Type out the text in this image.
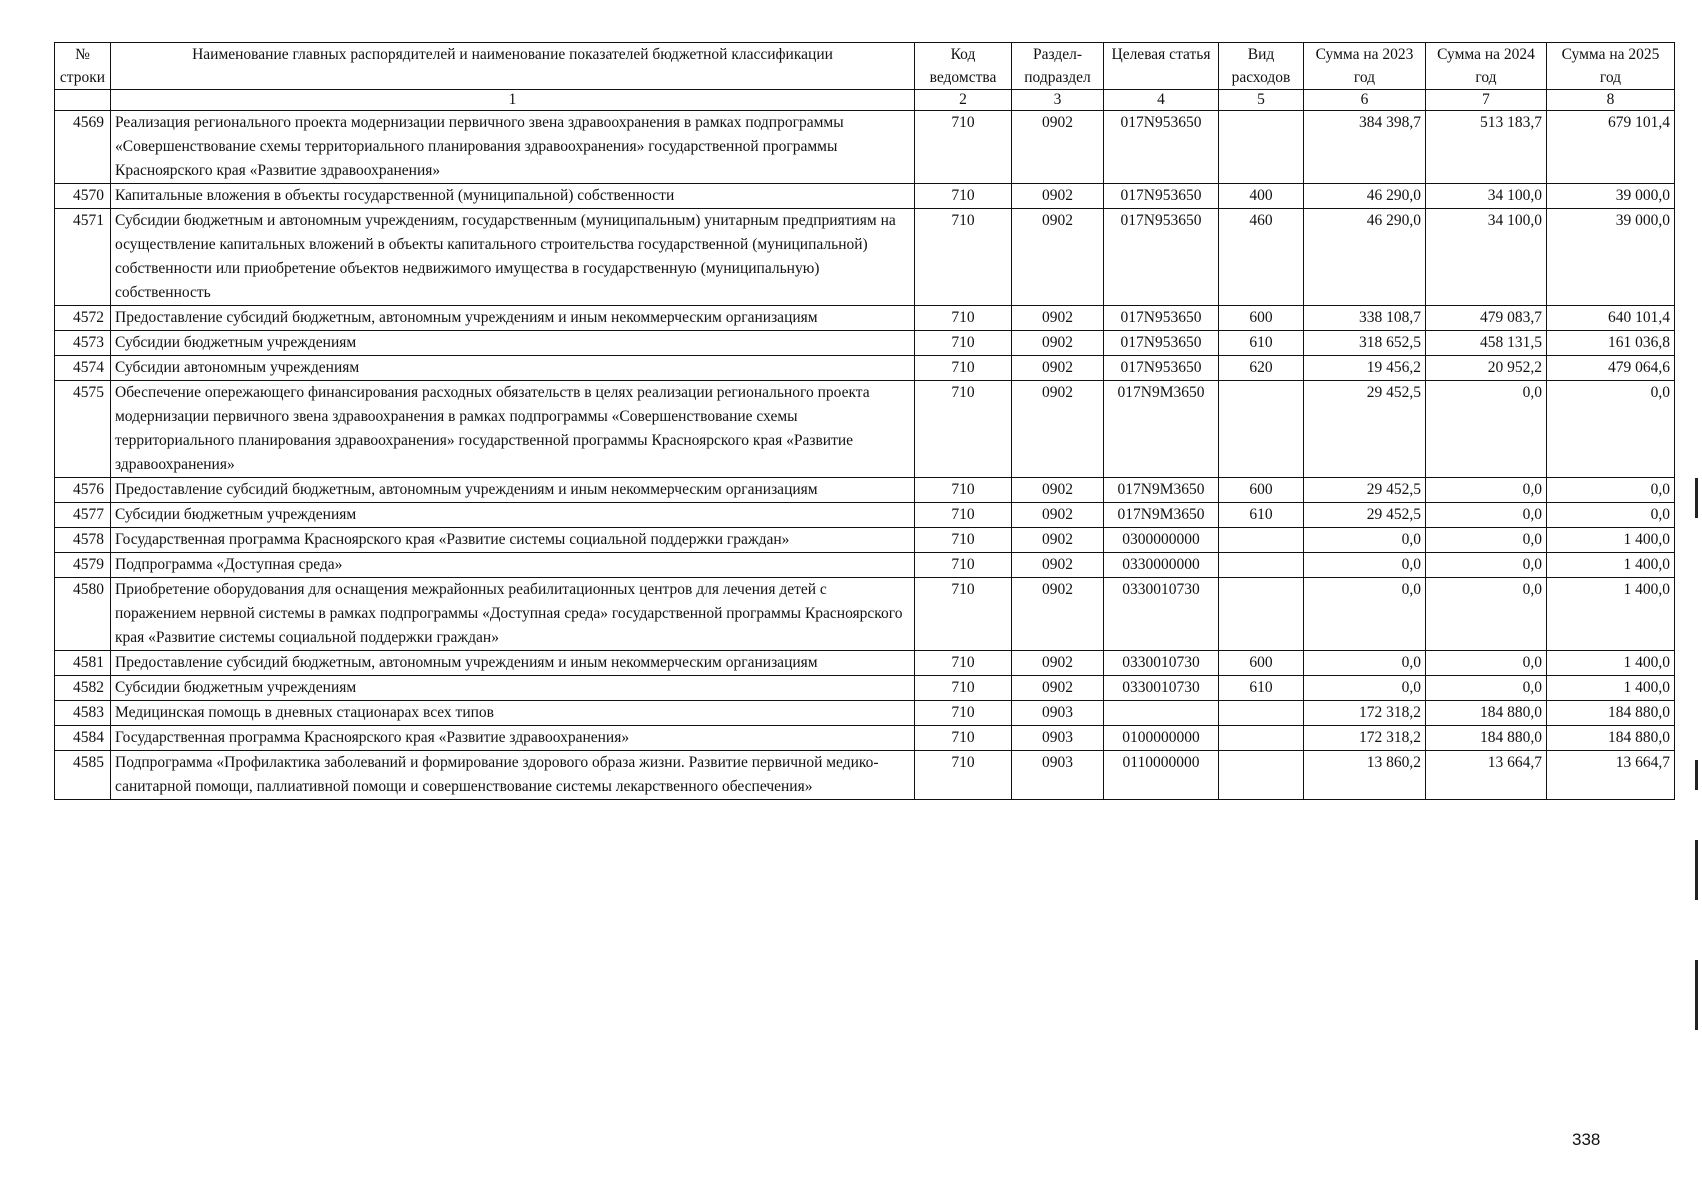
№ строки	Наименование главных распорядителей и наименование показателей бюджетной классификации	Код ведомства	Раздел-подраздел	Целевая статья	Вид расходов	Сумма на 2023 год	Сумма на 2024 год	Сумма на 2025 год
	1	2	3	4	5	6	7	8
4569	Реализация регионального проекта модернизации первичного звена здравоохранения в рамках подпрограммы «Совершенствование схемы территориального планирования здравоохранения» государственной программы Красноярского края «Развитие здравоохранения»	710	0902	017N953650		384 398,7	513 183,7	679 101,4
4570	Капитальные вложения в объекты государственной (муниципальной) собственности	710	0902	017N953650	400	46 290,0	34 100,0	39 000,0
4571	Субсидии бюджетным и автономным учреждениям, государственным (муниципальным) унитарным предприятиям на осуществление капитальных вложений в объекты капитального строительства государственной (муниципальной) собственности или приобретение объектов недвижимого имущества в государственную (муниципальную) собственность	710	0902	017N953650	460	46 290,0	34 100,0	39 000,0
4572	Предоставление субсидий бюджетным, автономным учреждениям и иным некоммерческим организациям	710	0902	017N953650	600	338 108,7	479 083,7	640 101,4
4573	Субсидии бюджетным учреждениям	710	0902	017N953650	610	318 652,5	458 131,5	161 036,8
4574	Субсидии автономным учреждениям	710	0902	017N953650	620	19 456,2	20 952,2	479 064,6
4575	Обеспечение опережающего финансирования расходных обязательств в целях реализации регионального проекта модернизации первичного звена здравоохранения в рамках подпрограммы «Совершенствование схемы территориального планирования здравоохранения» государственной программы Красноярского края «Развитие здравоохранения»	710	0902	017N9M3650		29 452,5	0,0	0,0
4576	Предоставление субсидий бюджетным, автономным учреждениям и иным некоммерческим организациям	710	0902	017N9M3650	600	29 452,5	0,0	0,0
4577	Субсидии бюджетным учреждениям	710	0902	017N9M3650	610	29 452,5	0,0	0,0
4578	Государственная программа Красноярского края «Развитие системы социальной поддержки граждан»	710	0902	0300000000		0,0	0,0	1 400,0
4579	Подпрограмма «Доступная среда»	710	0902	0330000000		0,0	0,0	1 400,0
4580	Приобретение оборудования для оснащения межрайонных реабилитационных центров для лечения детей с поражением нервной системы в рамках подпрограммы «Доступная среда» государственной программы Красноярского края «Развитие системы социальной поддержки граждан»	710	0902	0330010730		0,0	0,0	1 400,0
4581	Предоставление субсидий бюджетным, автономным учреждениям и иным некоммерческим организациям	710	0902	0330010730	600	0,0	0,0	1 400,0
4582	Субсидии бюджетным учреждениям	710	0902	0330010730	610	0,0	0,0	1 400,0
4583	Медицинская помощь в дневных стационарах всех типов	710	0903			172 318,2	184 880,0	184 880,0
4584	Государственная программа Красноярского края «Развитие здравоохранения»	710	0903	0100000000		172 318,2	184 880,0	184 880,0
4585	Подпрограмма «Профилактика заболеваний и формирование здорового образа жизни. Развитие первичной медико-санитарной помощи, паллиативной помощи и совершенствование системы лекарственного обеспечения»	710	0903	0110000000		13 860,2	13 664,7	13 664,7
338
